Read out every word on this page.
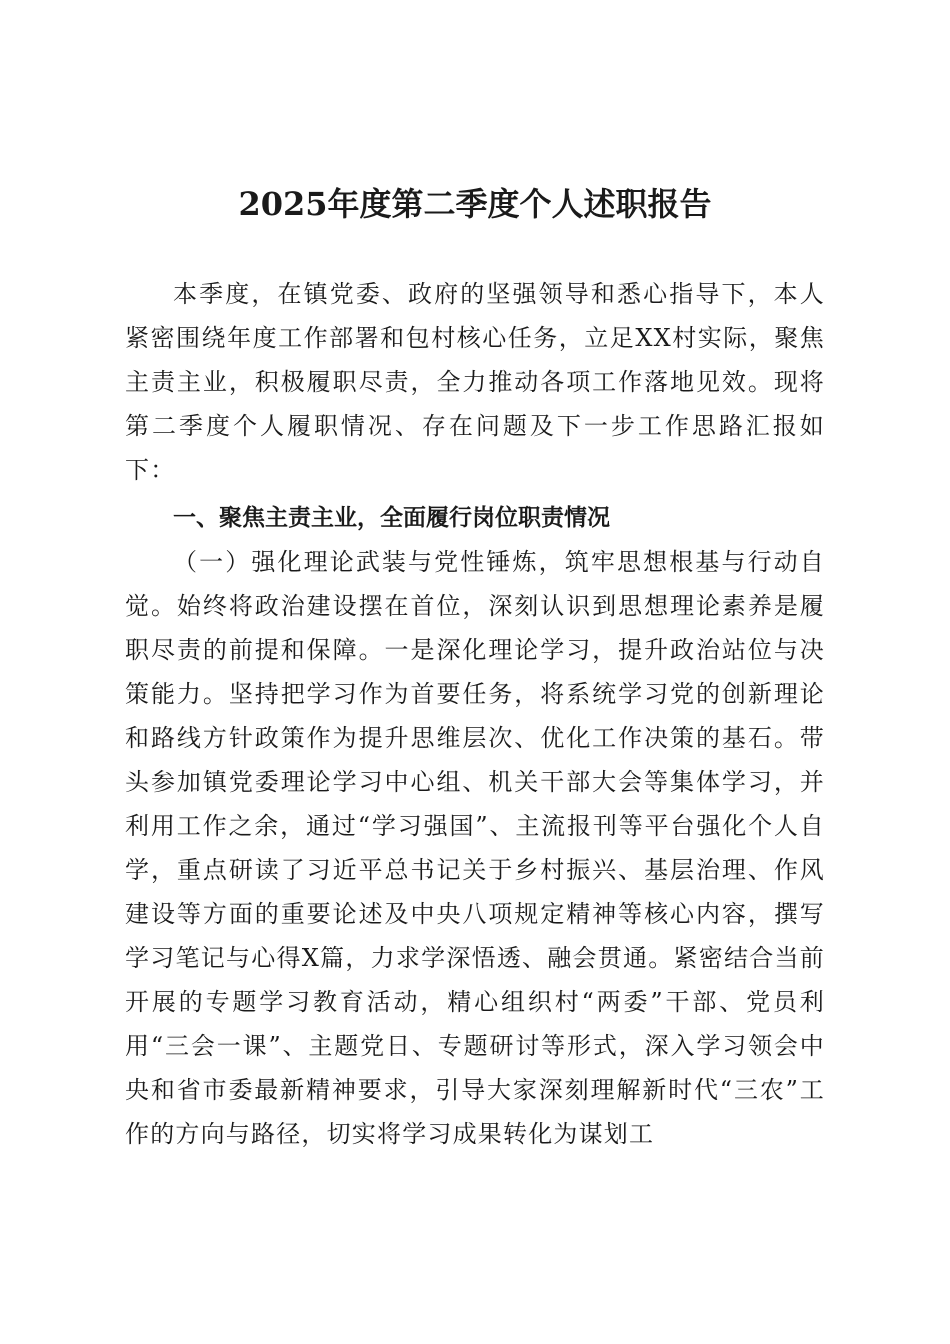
2025年度第二季度个人述职报告

本季度，在镇党委、政府的坚强领导和悉心指导下，本人紧密围绕年度工作部署和包村核心任务，立足XX村实际，聚焦主责主业，积极履职尽责，全力推动各项工作落地见效。现将第二季度个人履职情况、存在问题及下一步工作思路汇报如下：

一、聚焦主责主业，全面履行岗位职责情况

（一）强化理论武装与党性锤炼，筑牢思想根基与行动自觉。始终将政治建设摆在首位，深刻认识到思想理论素养是履职尽责的前提和保障。一是深化理论学习，提升政治站位与决策能力。坚持把学习作为首要任务，将系统学习党的创新理论和路线方针政策作为提升思维层次、优化工作决策的基石。带头参加镇党委理论学习中心组、机关干部大会等集体学习，并利用工作之余，通过“学习强国”、主流报刊等平台强化个人自学，重点研读了习近平总书记关于乡村振兴、基层治理、作风建设等方面的重要论述及中央八项规定精神等核心内容，撰写学习笔记与心得X篇，力求学深悟透、融会贯通。紧密结合当前开展的专题学习教育活动，精心组织村“两委”干部、党员利用“三会一课”、主题党日、专题研讨等形式，深入学习领会中央和省市委最新精神要求，引导大家深刻理解新时代“三农”工作的方向与路径，切实将学习成果转化为谋划工
